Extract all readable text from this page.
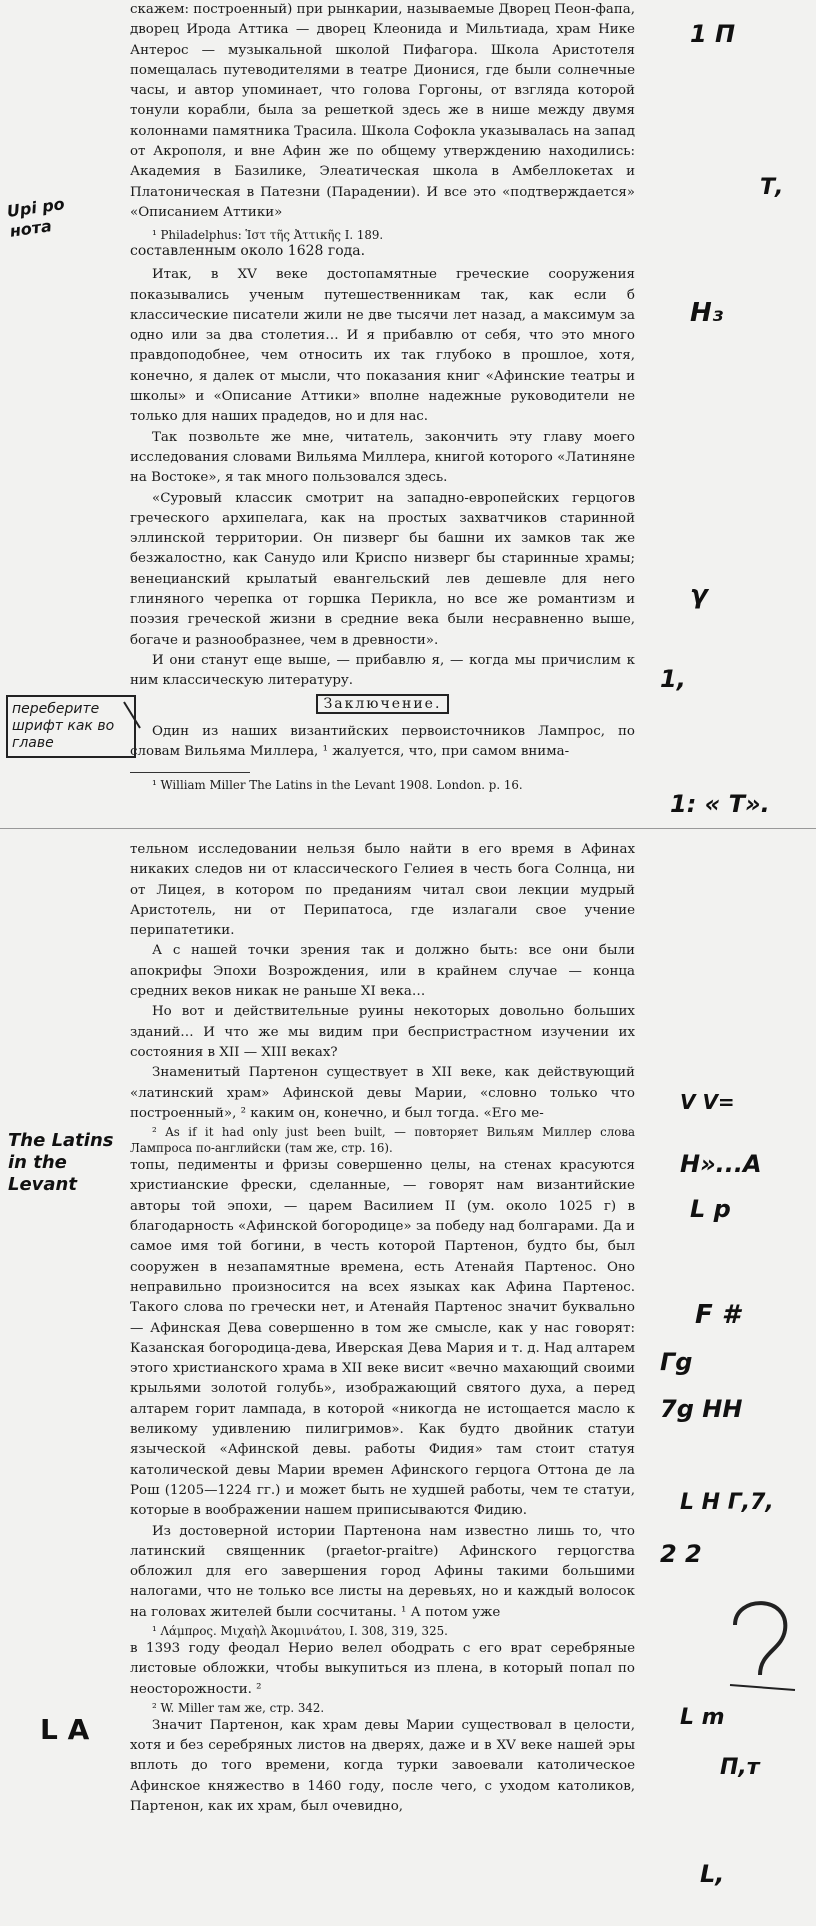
скажем: построенный) при pынкарии, называемые Дворец Пеон-фапа, дворец Ирода Аттика — дворец Клеонида и Мильтиада, храм Нике Антерос — музыкальной школой Пифагора. Школа Аристотеля помещалась путеводителями в театре Дионися, где были солнечные часы, и автор упоминает, что голова Горгоны, от взгляда которой тонули корабли, была за решеткой здесь же в нише между двумя колоннами памятника Трасила. Школа Софокла указывалась на запад от Акрополя, и вне Афин же по общему утверждению находились: Академия в Базилике, Элеатическая школа в Амбеллокетах и Платоническая в Патезни (Парадении). И все это «подтверждается» «Описанием Аттики»

¹ Philadelphus: Ἱστ τῆς Ἀττικῆς I. 189.

составленным около 1628 года.

Итак, в XV веке достопамятные греческие сооружения показывались ученым путешественникам так, как если б классические писатели жили не две тысячи лет назад, а максимум за одно или за два столетия… И я прибавлю от себя, что это много правдоподобнее, чем относить их так глубоко в прошлое, хотя, конечно, я далек от мысли, что показания книг «Афинские театры и школы» и «Описание Аттики» вполне надежные руководители не только для наших прадедов, но и для нас.

Так позвольте же мне, читатель, закончить эту главу моего исследования словами Вильяма Миллера, книгой которого «Латиняне на Востоке», я так много пользовался здесь.

«Суровый классик смотрит на западно-европейских герцогов греческого архипелага, как на простых захватчиков старинной эллинской территории. Он пизверг бы башни их замков так же безжалостно, как Санудо или Криспо низверг бы старинные храмы; венецианский крылатый евангельский лев дешевле для него глиняного черепка от горшка Перикла, но все же романтизм и поэзия греческой жизни в средние века были несравненно выше, богаче и разнообразнее, чем в древности».

И они станут еще выше, — прибавлю я, — когда мы причислим к ним классическую литературу.

Заключение.

Один из наших византийских первоисточников Лампрос, по словам Вильяма Миллера, ¹ жалуется, что, при самом внима-

¹ William Miller The Latins in the Levant 1908. London. p. 16.

тельном исследовании нельзя было найти в его время в Афинах никаких следов ни от классического Гелиея в честь бога Солнца, ни от Лицея, в котором по преданиям читал свои лекции мудрый Аристотель, ни от Перипатоса, где излагали свое учение перипатетики.

А с нашей точки зрения так и должно быть: все они были апокрифы Эпохи Возрождения, или в крайнем случае — конца средних веков никак не раньше XI века…

Но вот и действительные руины некоторых довольно больших зданий… И что же мы видим при беспристрастном изучении их состояния в XII — XIII веках?

Знаменитый Партенон существует в XII веке, как действующий «латинский храм» Афинской девы Марии, «словно только что построенный», ² каким он, конечно, и был тогда. «Его ме-

² As if it had only just been built, — повторяет Вильям Миллер слова Лампроса по-английски (там же, стр. 16).

топы, педименты и фризы совершенно целы, на стенах красуются христианские фрески, сделанные, — говорят нам византийские авторы той эпохи, — царем Василием II (ум. около 1025 г) в благодарность «Афинской богородице» за победу над болгарами. Да и самое имя той богини, в честь которой Партенон, будто бы, был сооружен в незапамятные времена, есть Атенайя Партенос. Оно неправильно произносится на всех языках как Афина Партенос. Такого слова по гречески нет, и Атенайя Партенос значит буквально — Афинская Дева совершенно в том же смысле, как у нас говорят: Казанская богородица-дева, Иверская Дева Мария и т. д. Над алтарем этого христианского храма в XII веке висит «вечно махающий своими крыльями золотой голубь», изображающий святого духа, а перед алтарем горит лампада, в которой «никогда не истощается масло к великому удивлению пилигримов». Как будто двойник статуи языческой «Афинской девы. работы Фидия» там стоит статуя католической девы Марии времен Афинского герцога Оттона де ла Рош (1205—1224 гг.) и может быть не худшей работы, чем те статуи, которые в воображении нашем приписываются Фидию.

Из достоверной истории Партенона нам известно лишь то, что латинский священник (praetor-praitre) Афинского герцогства обложил для его завершения город Афины такими большими налогами, что не только все листы на деревьях, но и каждый волосок на головах жителей были сосчитаны. ¹ А потом уже

¹ Λάμπρος. Μιχαὴλ Ἀκομινάτου, I. 308, 319, 325.

в 1393 году феодал Нерио велел ободрать с его врат серебряные листовые обложки, чтобы выкупиться из плена, в который попал по неосторожности. ²

² W. Miller там же, стр. 342.

Значит Партенон, как храм девы Марии существовал в целости, хотя и без серебряных листов на дверях, даже и в XV веке нашей эры вплоть до того времени, когда турки завоевали католическое Афинское княжество в 1460 году, после чего, с уходом католиков, Партенон, как их храм, был очевидно,

Upi ро нота
переберите шрифт как во главе
The Latins in the Levant
L A
1 П
Т,
H₃
γ
1,
1: « Т».
V V=
Н»...А
L p
F #
Γg
7g НН
L H Γ,7,
2 2
L m
П,т
L,
